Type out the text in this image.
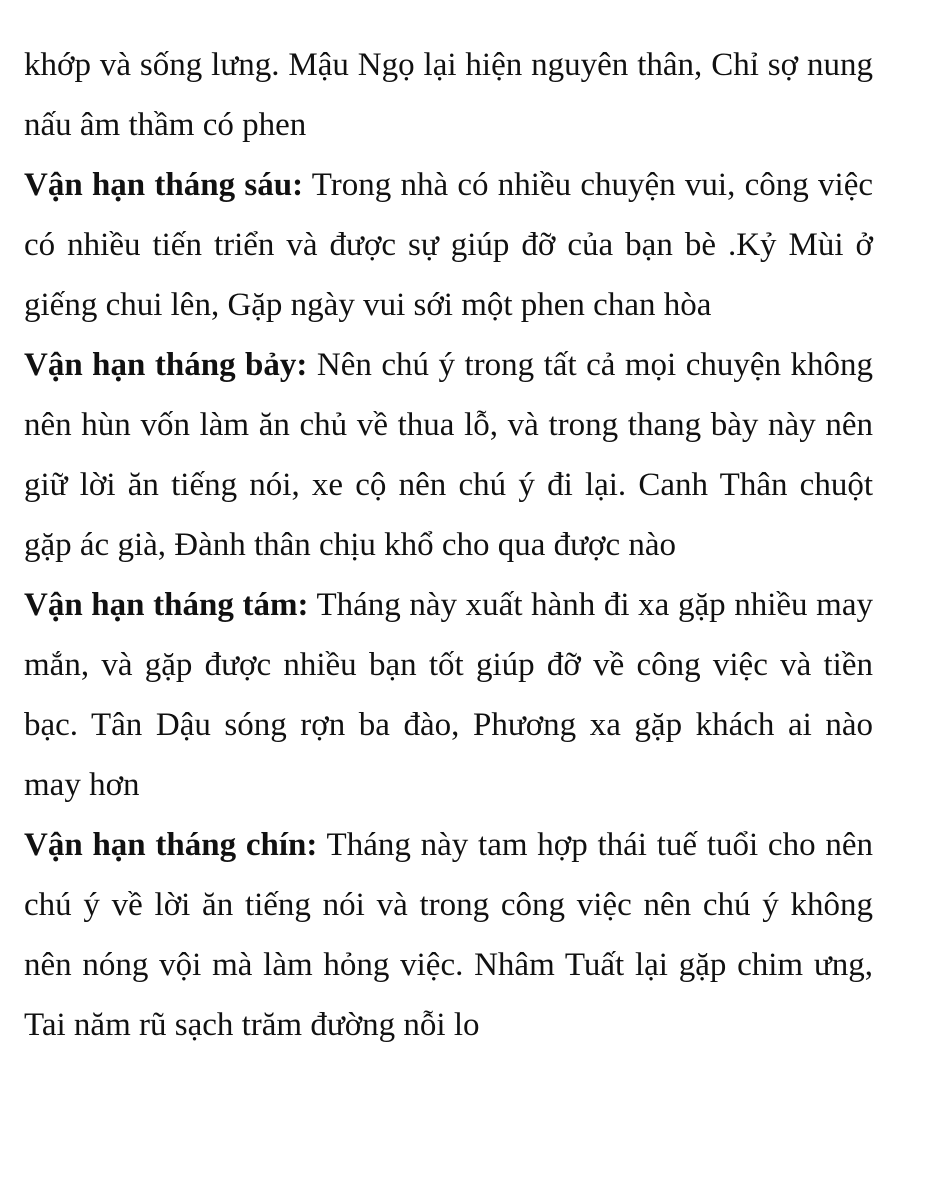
khớp và sống lưng. Mậu Ngọ lại hiện nguyên thân, Chỉ sợ nung nấu âm thầm có phen

Vận hạn tháng sáu: Trong nhà có nhiều chuyện vui, công việc có nhiều tiến triển và được sự giúp đỡ của bạn bè .Kỷ Mùi ở giếng chui lên, Gặp ngày vui sới một phen chan hòa

Vận hạn tháng bảy: Nên chú ý trong tất cả mọi chuyện không nên hùn vốn làm ăn chủ về thua lỗ, và trong thang bày này nên giữ lời ăn tiếng nói, xe cộ nên chú ý đi lại. Canh Thân chuột gặp ác già, Đành thân chịu khổ cho qua được nào

Vận hạn tháng tám: Tháng này xuất hành đi xa gặp nhiều may mắn, và gặp được nhiều bạn tốt giúp đỡ về công việc và tiền bạc. Tân Dậu sóng rợn ba đào, Phương xa gặp khách ai nào may hơn

Vận hạn tháng chín: Tháng này tam hợp thái tuế tuổi cho nên chú ý về lời ăn tiếng nói và trong công việc nên chú ý không nên nóng vội mà làm hỏng việc. Nhâm Tuất lại gặp chim ưng, Tai năm rũ sạch trăm đường nỗi lo
